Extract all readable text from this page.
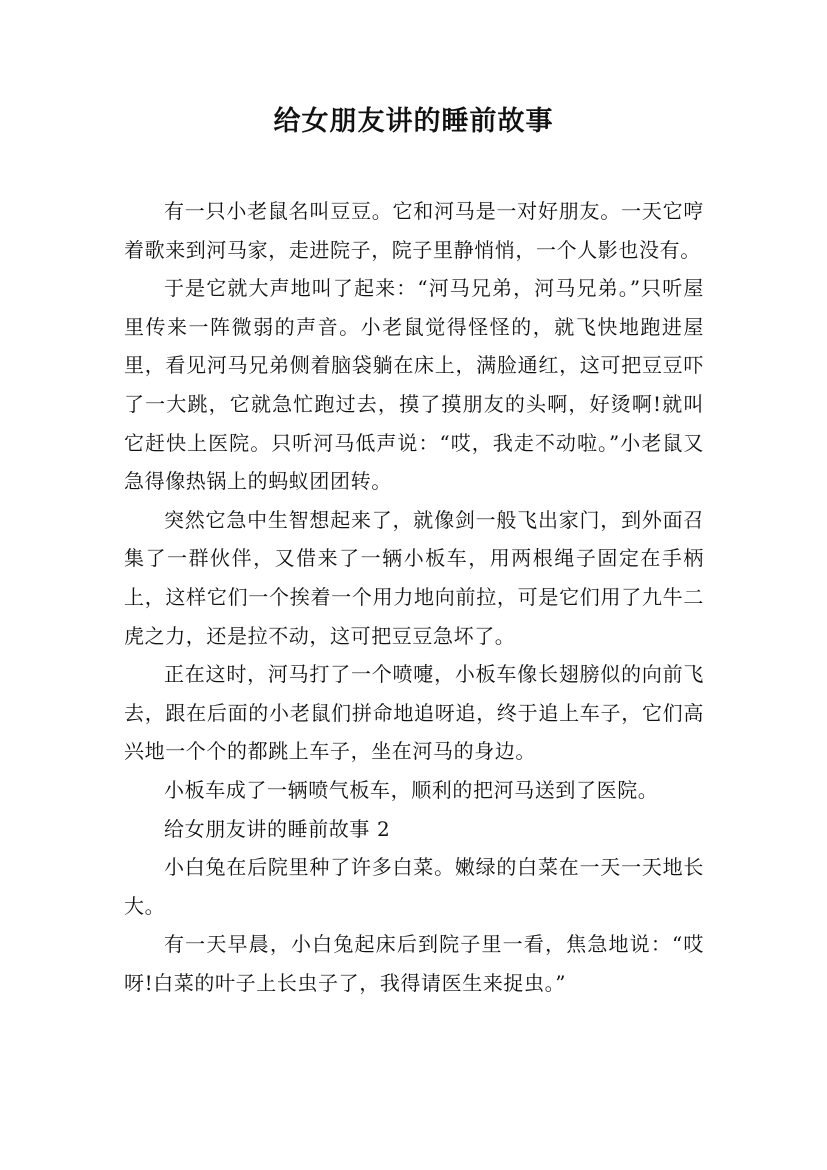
给女朋友讲的睡前故事

有一只小老鼠名叫豆豆。它和河马是一对好朋友。一天它哼着歌来到河马家，走进院子，院子里静悄悄，一个人影也没有。

于是它就大声地叫了起来：“河马兄弟，河马兄弟。”只听屋里传来一阵微弱的声音。小老鼠觉得怪怪的，就飞快地跑进屋里，看见河马兄弟侧着脑袋躺在床上，满脸通红，这可把豆豆吓了一大跳，它就急忙跑过去，摸了摸朋友的头啊，好烫啊!就叫它赶快上医院。只听河马低声说：“哎，我走不动啦。”小老鼠又急得像热锅上的蚂蚁团团转。

突然它急中生智想起来了，就像剑一般飞出家门，到外面召集了一群伙伴，又借来了一辆小板车，用两根绳子固定在手柄上，这样它们一个挨着一个用力地向前拉，可是它们用了九牛二虎之力，还是拉不动，这可把豆豆急坏了。

正在这时，河马打了一个喷嚏，小板车像长翅膀似的向前飞去，跟在后面的小老鼠们拼命地追呀追，终于追上车子，它们高兴地一个个的都跳上车子，坐在河马的身边。

小板车成了一辆喷气板车，顺利的把河马送到了医院。

给女朋友讲的睡前故事 2

小白兔在后院里种了许多白菜。嫩绿的白菜在一天一天地长大。

有一天早晨，小白兔起床后到院子里一看，焦急地说：“哎呀!白菜的叶子上长虫子了，我得请医生来捉虫。”
